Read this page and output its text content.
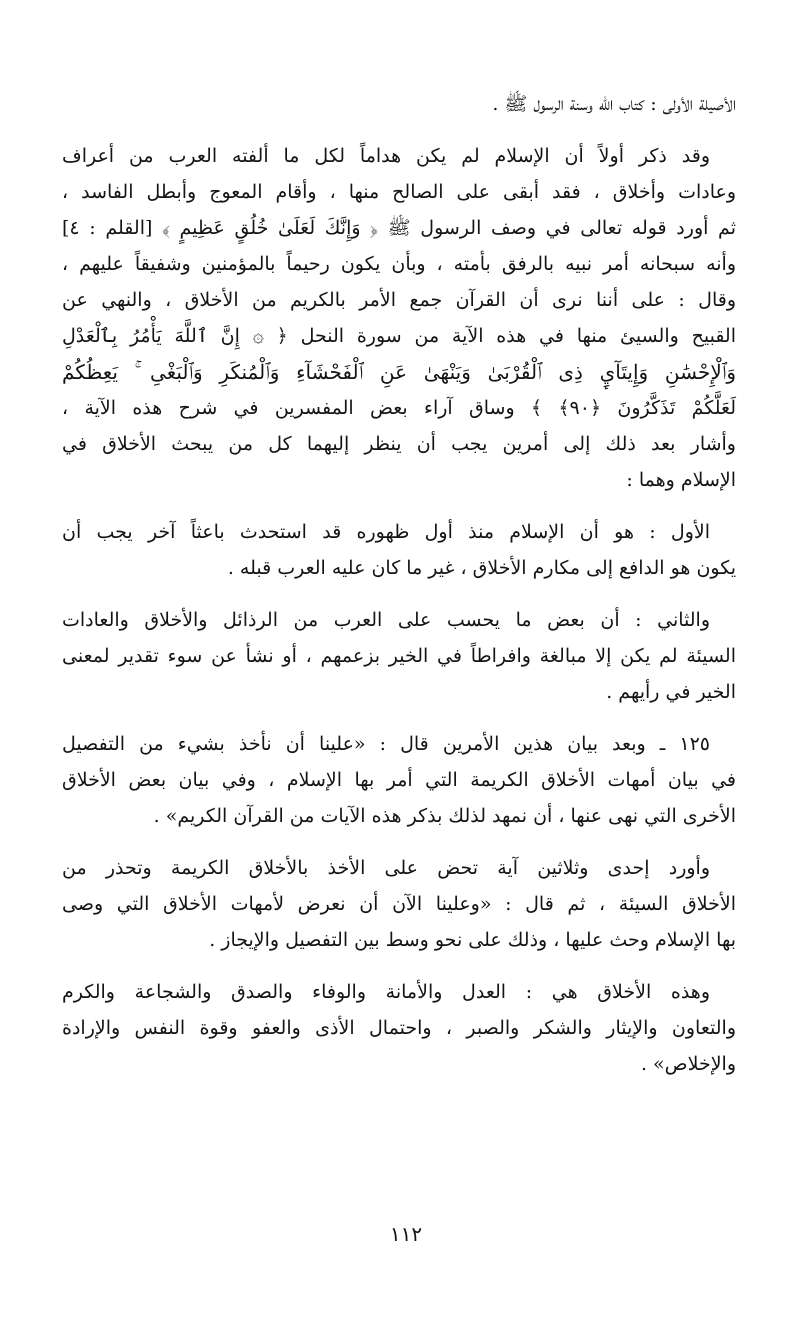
الأصيلة الأولى : كتاب الله وسنة الرسول ﷺ .
وقد ذكر أولاً أن الإسلام لم يكن هداماً لكل ما ألفته العرب من أعراف
وعادات وأخلاق ، فقد أبقى على الصالح منها ، وأقام المعوج وأبطل الفاسد ،
ثم أورد قوله تعالى في وصف الرسول ﷺ ﴿ وَإِنَّكَ لَعَلَىٰ خُلُقٍ عَظِيمٍ ﴾ [القلم : ٤]
وأنه سبحانه أمر نبيه بالرفق بأمته ، وبأن يكون رحيماً بالمؤمنين وشفيقاً عليهم ،
وقال : على أننا نرى أن القرآن جمع الأمر بالكريم من الأخلاق ، والنهي عن
القبيح والسيئ منها في هذه الآية من سورة النحل ﴿ ۞ إِنَّ ٱللَّهَ يَأْمُرُ بِٱلْعَدْلِ
وَٱلْإِحْسَٰنِ وَإِيتَآيِٕ ذِى ٱلْقُرْبَىٰ وَيَنْهَىٰ عَنِ ٱلْفَحْشَآءِ وَٱلْمُنكَرِ وَٱلْبَغْىِ ۚ يَعِظُكُمْ
لَعَلَّكُمْ تَذَكَّرُونَ ﴿٩٠﴾ ﴾ وساق آراء بعض المفسرين في شرح هذه الآية ،
وأشار بعد ذلك إلى أمرين يجب أن ينظر إليهما كل من يبحث الأخلاق في
الإسلام وهما :
الأول : هو أن الإسلام منذ أول ظهوره قد استحدث باعثاً آخر يجب أن
يكون هو الدافع إلى مكارم الأخلاق ، غير ما كان عليه العرب قبله .
والثاني : أن بعض ما يحسب على العرب من الرذائل والأخلاق والعادات
السيئة لم يكن إلا مبالغة وافراطاً في الخير بزعمهم ، أو نشأ عن سوء تقدير لمعنى
الخير في رأيهم .
١٢٥ ـ وبعد بيان هذين الأمرين قال : «علينا أن نأخذ بشيء من التفصيل
في بيان أمهات الأخلاق الكريمة التي أمر بها الإسلام ، وفي بيان بعض الأخلاق
الأخرى التي نهى عنها ، أن نمهد لذلك بذكر هذه الآيات من القرآن الكريم» .
وأورد إحدى وثلاثين آية تحض على الأخذ بالأخلاق الكريمة وتحذر من
الأخلاق السيئة ، ثم قال : «وعلينا الآن أن نعرض لأمهات الأخلاق التي وصى
بها الإسلام وحث عليها ، وذلك على نحو وسط بين التفصيل والإيجاز .
وهذه الأخلاق هي : العدل والأمانة والوفاء والصدق والشجاعة والكرم
والتعاون والإيثار والشكر والصبر ، واحتمال الأذى والعفو وقوة النفس والإرادة
والإخلاص» .
١١٢
